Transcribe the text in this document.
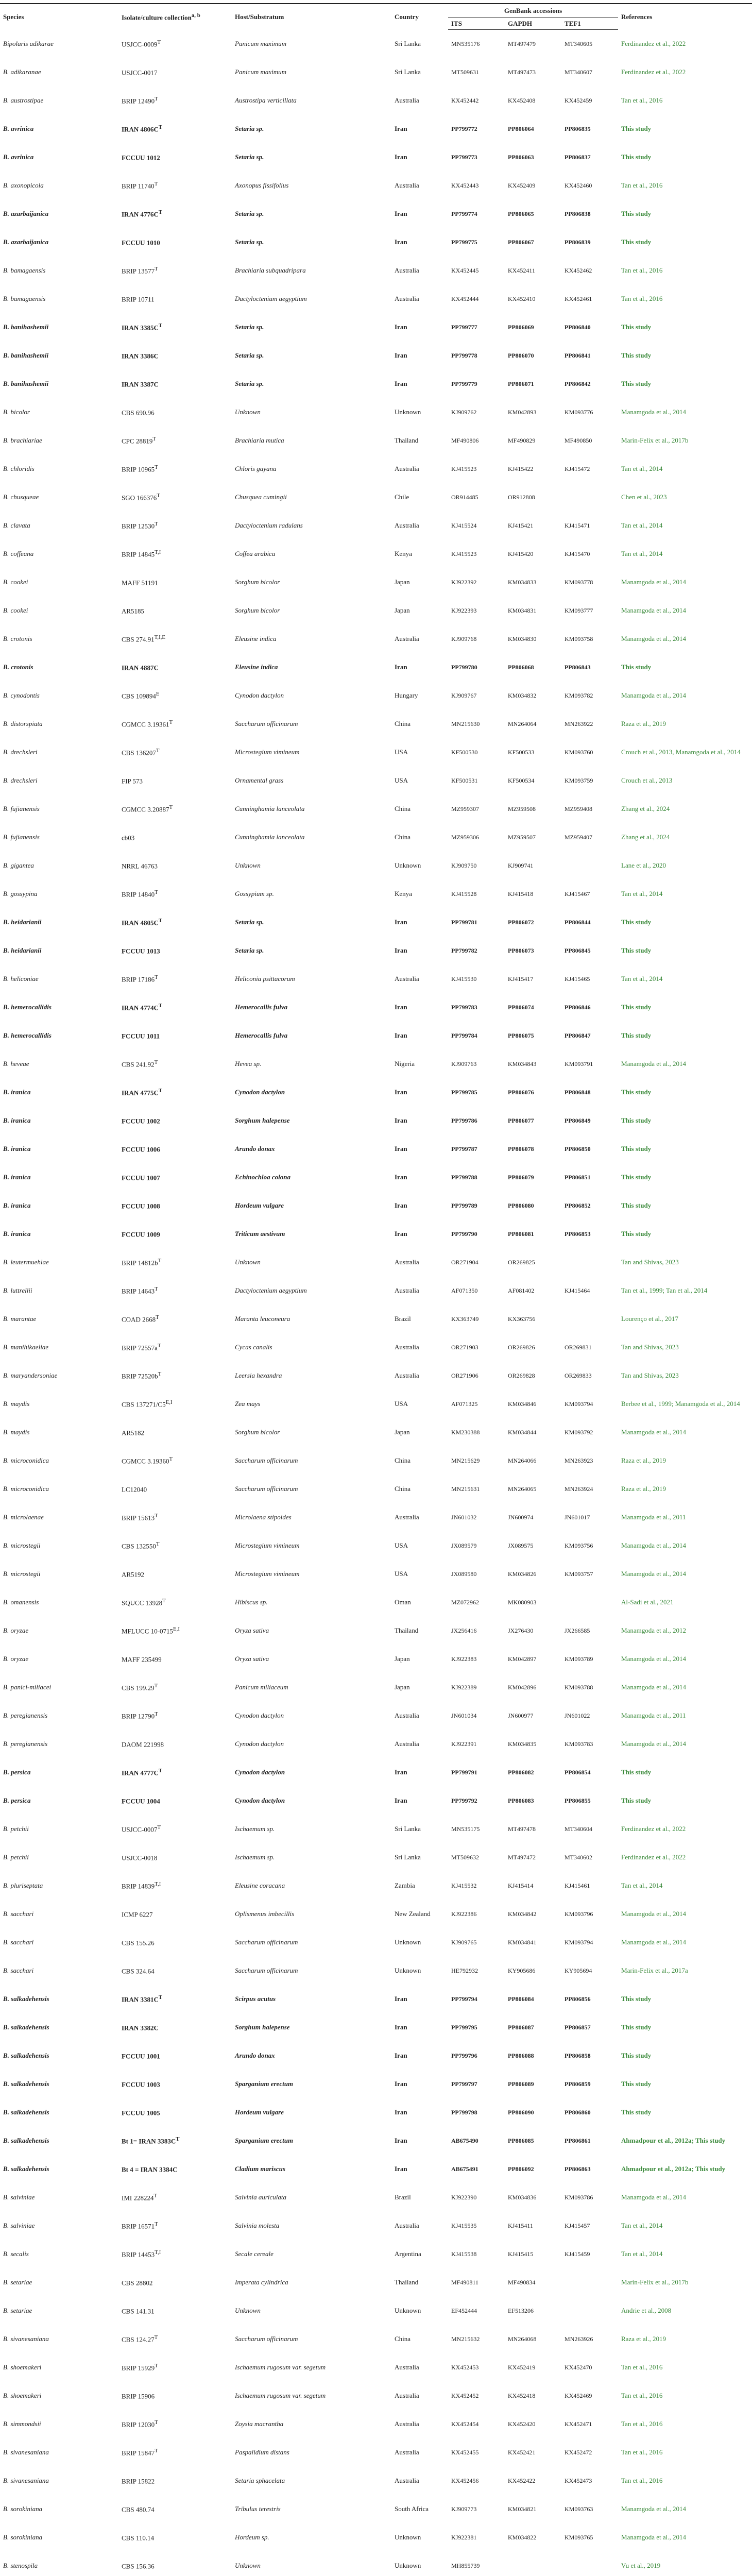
Species	Isolate/culture collection$^{a, b}$	Host/Substratum	Country	GenBank accessions			References
				ITS	GAPDH	TEF1	
Bipolaris adikarae	USJCC-$0009^T$	Panicum maximum	Sri Lanka	MN535176	MT497479	MT340605	Ferdinandez et al., 2022
B. adikaranae	USJCC-0017	Panicum maximum	Sri Lanka	MT509631	MT497473	MT340607	Ferdinandez et al., 2022
B. austrostipae	BRIP $12490^T$	Austrostipa verticillata	Australia	KX452442	KX452408	KX452459	Tan et al., 2016
B. avrinica	IRAN $4806C^T$	Setaria sp.	Iran	PP799772	PP806064	PP806835	This study
B. avrinica	FCCUU 1012	Setaria sp.	Iran	PP799773	PP806063	PP806837	This study
B. axonopicola	BRIP $11740^T$	Axonopus fissifolius	Australia	KX452443	KX452409	KX452460	Tan et al., 2016
B. azarbaijanica	IRAN $4776C^T$	Setaria sp.	Iran	PP799774	PP806065	PP806838	This study
B. azarbaijanica	FCCUU 1010	Setaria sp.	Iran	PP799775	PP806067	PP806839	This study
B. bamagaensis	BRIP $13577^T$	Brachiaria subquadripara	Australia	KX452445	KX452411	KX452462	Tan et al., 2016
B. bamagaensis	BRIP 10711	Dactyloctenium aegyptium	Australia	KX452444	KX452410	KX452461	Tan et al., 2016
B. banihashemii	IRAN $3385C^T$	Setaria sp.	Iran	PP799777	PP806069	PP806840	This study
B. banihashemii	IRAN 3386C	Setaria sp.	Iran	PP799778	PP806070	PP806841	This study
B. banihashemii	IRAN 3387C	Setaria sp.	Iran	PP799779	PP806071	PP806842	This study
B. bicolor	CBS 690.96	Unknown	Unknown	KJ909762	KM042893	KM093776	Manamgoda et al., 2014
B. brachiariae	CPC $28819^T$	Brachiaria mutica	Thailand	MF490806	MF490829	MF490850	Marin-Felix et al., 2017b
B. chloridis	BRIP $10965^T$	Chloris gayana	Australia	KJ415523	KJ415422	KJ415472	Tan et al., 2014
B. chusqueae	SGO $166376^T$	Chusquea cumingii	Chile	OR914485	OR912808		Chen et al., 2023
B. clavata	BRIP $12530^T$	Dactyloctenium radulans	Australia	KJ415524	KJ415421	KJ415471	Tan et al., 2014
B. coffeana	BRIP $14845^{T,I}$	Coffea arabica	Kenya	KJ415523	KJ415420	KJ415470	Tan et al., 2014
B. cookei	MAFF 51191	Sorghum bicolor	Japan	KJ922392	KM034833	KM093778	Manamgoda et al., 2014
B. cookei	AR5185	Sorghum bicolor	Japan	KJ922393	KM034831	KM093777	Manamgoda et al., 2014
B. crotonis	CBS $274.91^{T,I,E}$	Eleusine indica	Australia	KJ909768	KM034830	KM093758	Manamgoda et al., 2014
B. crotonis	IRAN 4887C	Eleusine indica	Iran	PP799780	PP806068	PP806843	This study
B. cynodontis	CBS $109894^E$	Cynodon dactylon	Hungary	KJ909767	KM034832	KM093782	Manamgoda et al., 2014
B. distorspiata	CGMCC $3.19361^T$	Saccharum officinarum	China	MN215630	MN264064	MN263922	Raza et al., 2019
B. drechsleri	CBS $136207^T$	Microstegium vimineum	USA	KF500530	KF500533	KM093760	Crouch et al., 2013, Manamgoda et al., 2014
B. drechsleri	FIP 573	Ornamental grass	USA	KF500531	KF500534	KM093759	Crouch et al., 2013
B. fujianensis	CGMCC $3.20887^T$	Cunninghamia lanceolata	China	MZ959307	MZ959508	MZ959408	Zhang et al., 2024
B. fujianensis	cb03	Cunninghamia lanceolata	China	MZ959306	MZ959507	MZ959407	Zhang et al., 2024
B. gigantea	NRRL 46763	Unknown	Unknown	KJ909750	KJ909741		Lane et al., 2020
B. gossypina	BRIP $14840^T$	Gossypium sp.	Kenya	KJ415528	KJ415418	KJ415467	Tan et al., 2014
B. heidarianii	IRAN $4805C^T$	Setaria sp.	Iran	PP799781	PP806072	PP806844	This study
B. heidarianii	FCCUU 1013	Setaria sp.	Iran	PP799782	PP806073	PP806845	This study
B. heliconiae	BRIP $17186^T$	Heliconia psittacorum	Australia	KJ415530	KJ415417	KJ415465	Tan et al., 2014
B. hemerocallidis	IRAN $4774C^T$	Hemerocallis fulva	Iran	PP799783	PP806074	PP806846	This study
B. hemerocallidis	FCCUU 1011	Hemerocallis fulva	Iran	PP799784	PP806075	PP806847	This study
B. heveae	CBS $241.92^T$	Hevea sp.	Nigeria	KJ909763	KM034843	KM093791	Manamgoda et al., 2014
B. iranica	IRAN $4775C^T$	Cynodon dactylon	Iran	PP799785	PP806076	PP806848	This study
B. iranica	FCCUU 1002	Sorghum halepense	Iran	PP799786	PP806077	PP806849	This study
B. iranica	FCCUU 1006	Arundo donax	Iran	PP799787	PP806078	PP806850	This study
B. iranica	FCCUU 1007	Echinochloa colona	Iran	PP799788	PP806079	PP806851	This study
B. iranica	FCCUU 1008	Hordeum vulgare	Iran	PP799789	PP806080	PP806852	This study
B. iranica	FCCUU 1009	Triticum aestivum	Iran	PP799790	PP806081	PP806853	This study
B. leutermuehlae	BRIP $14812b^T$	Unknown	Australia	OR271904	OR269825		Tan and Shivas, 2023
B. luttrellii	BRIP $14643^T$	Dactyloctenium aegyptium	Australia	AF071350	AF081402	KJ415464	Tan et al., 1999; Tan et al., 2014
B. marantae	COAD $2668^T$	Maranta leuconeura	Brazil	KX363749	KX363756		Lourenço et al., 2017
B. manihikaeliae	BRIP $72557a^T$	Cycas canalis	Australia	OR271903	OR269826	OR269831	Tan and Shivas, 2023
B. maryandersoniae	BRIP $72520b^T$	Leersia hexandra	Australia	OR271906	OR269828	OR269833	Tan and Shivas, 2023
B. maydis	CBS $137271/C5^{E,I}$	Zea mays	USA	AF071325	KM034846	KM093794	Berbee et al., 1999; Manamgoda et al., 2014
B. maydis	AR5182	Sorghum bicolor	Japan	KM230388	KM034844	KM093792	Manamgoda et al., 2014
B. microconidica	CGMCC $3.19360^T$	Saccharum officinarum	China	MN215629	MN264066	MN263923	Raza et al., 2019
B. microconidica	LC12040	Saccharum officinarum	China	MN215631	MN264065	MN263924	Raza et al., 2019
B. microlaenae	BRIP $15613^T$	Microlaena stipoides	Australia	JN601032	JN600974	JN601017	Manamgoda et al., 2011
B. microstegii	CBS $132550^T$	Microstegium vimineum	USA	JX089579	JX089575	KM093756	Manamgoda et al., 2014
B. microstegii	AR5192	Microstegium vimineum	USA	JX089580	KM034826	KM093757	Manamgoda et al., 2014
B. omanensis	SQUCC $13928^T$	Hibiscus sp.	Oman	MZ072962	MK080903		Al-Sadi et al., 2021
B. oryzae	MFLUCC $10-0715^{E,I}$	Oryza sativa	Thailand	JX256416	JX276430	JX266585	Manamgoda et al., 2012
B. oryzae	MAFF 235499	Oryza sativa	Japan	KJ922383	KM042897	KM093789	Manamgoda et al., 2014
B. panici-miliacei	CBS $199.29^T$	Panicum miliaceum	Japan	KJ922389	KM042896	KM093788	Manamgoda et al., 2014
B. peregianensis	BRIP $12790^T$	Cynodon dactylon	Australia	JN601034	JN600977	JN601022	Manamgoda et al., 2011
B. peregianensis	DAOM 221998	Cynodon dactylon	Australia	KJ922391	KM034835	KM093783	Manamgoda et al., 2014
B. persica	IRAN $4777C^T$	Cynodon dactylon	Iran	PP799791	PP806082	PP806854	This study
B. persica	FCCUU 1004	Cynodon dactylon	Iran	PP799792	PP806083	PP806855	This study
B. petchii	USJCC-$0007^T$	Ischaemum sp.	Sri Lanka	MN535175	MT497478	MT340604	Ferdinandez et al., 2022
B. petchii	USJCC-0018	Ischaemum sp.	Sri Lanka	MT509632	MT497472	MT340602	Ferdinandez et al., 2022
B. pluriseptata	BRIP $14839^{T,I}$	Eleusine coracana	Zambia	KJ415532	KJ415414	KJ415461	Tan et al., 2014
B. sacchari	ICMP 6227	Oplismenus imbecillis	New Zealand	KJ922386	KM034842	KM093796	Manamgoda et al., 2014
B. sacchari	CBS 155.26	Saccharum officinarum	Unknown	KJ909765	KM034841	KM093794	Manamgoda et al., 2014
B. sacchari	CBS 324.64	Saccharum officinarum	Unknown	HE792932	KY905686	KY905694	Marin-Felix et al., 2017a
B. salkadehensis	IRAN $3381C^T$	Scirpus acutus	Iran	PP799794	PP806084	PP806856	This study
B. salkadehensis	IRAN 3382C	Sorghum halepense	Iran	PP799795	PP806087	PP806857	This study
B. salkadehensis	FCCUU 1001	Arundo donax	Iran	PP799796	PP806088	PP806858	This study
B. salkadehensis	FCCUU 1003	Sparganium erectum	Iran	PP799797	PP806089	PP806859	This study
B. salkadehensis	FCCUU 1005	Hordeum vulgare	Iran	PP799798	PP806090	PP806860	This study
B. salkadehensis	Bt 1= IRAN $3383C^T$	Sparganium erectum	Iran	AB675490	PP806085	PP806861	Ahmadpour et al., 2012a; This study
B. salkadehensis	Bt 4 = IRAN 3384C	Cladium mariscus	Iran	AB675491	PP806092	PP806863	Ahmadpour et al., 2012a; This study
B. salviniae	IMI $228224^T$	Salvinia auriculata	Brazil	KJ922390	KM034836	KM093786	Manamgoda et al., 2014
B. salviniae	BRIP $16571^T$	Salvinia molesta	Australia	KJ415535	KJ415411	KJ415457	Tan et al., 2014
B. secalis	BRIP $14453^{T,I}$	Secale cereale	Argentina	KJ415538	KJ415415	KJ415459	Tan et al., 2014
B. setariae	CBS 28802	Imperata cylindrica	Thailand	MF490811	MF490834		Marin-Felix et al., 2017b
B. setariae	CBS 141.31	Unknown	Unknown	EF452444	EF513206		Andrie et al., 2008
B. sivanesaniana	CBS $124.27^T$	Saccharum officinarum	China	MN215632	MN264068	MN263926	Raza et al., 2019
B. shoemakeri	BRIP $15929^T$	Ischaemum rugosum var. segetum	Australia	KX452453	KX452419	KX452470	Tan et al., 2016
B. shoemakeri	BRIP 15906	Ischaemum rugosum var. segetum	Australia	KX452452	KX452418	KX452469	Tan et al., 2016
B. simmondsii	BRIP $12030^T$	Zoysia macrantha	Australia	KX452454	KX452420	KX452471	Tan et al., 2016
B. sivanesaniana	BRIP $15847^T$	Paspalidium distans	Australia	KX452455	KX452421	KX452472	Tan et al., 2016
B. sivanesaniana	BRIP 15822	Setaria sphacelata	Australia	KX452456	KX452422	KX452473	Tan et al., 2016
B. sorokiniana	CBS 480.74	Tribulus terestris	South Africa	KJ909773	KM034821	KM093763	Manamgoda et al., 2014
B. sorokiniana	CBS 110.14	Hordeum sp.	Unknown	KJ922381	KM034822	KM093765	Manamgoda et al., 2014
B. stenospila	CBS 156.36	Unknown	Unknown	MH855739			Vu et al., 2019
